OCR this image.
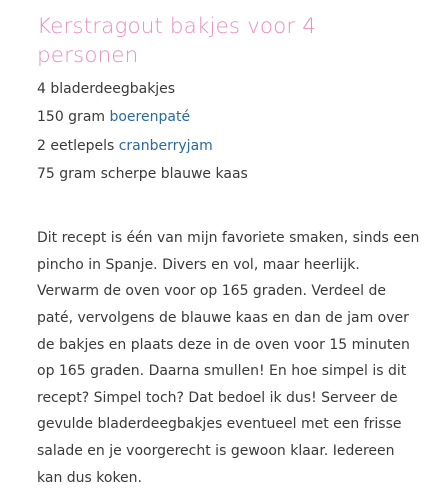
Kerstragout bakjes voor 4
personen
4 bladerdeegbakjes
150 gram boerenpaté
2 eetlepels cranberryjam
75 gram scherpe blauwe kaas

Dit recept is één van mijn favoriete smaken, sinds een
pincho in Spanje. Divers en vol, maar heerlijk.
Verwarm de oven voor op 165 graden. Verdeel de
paté, vervolgens de blauwe kaas en dan de jam over
de bakjes en plaats deze in de oven voor 15 minuten
op 165 graden. Daarna smullen! En hoe simpel is dit
recept? Simpel toch? Dat bedoel ik dus! Serveer de
gevulde bladerdeegbakjes eventueel met een frisse
salade en je voorgerecht is gewoon klaar. Iedereen
kan dus koken.
